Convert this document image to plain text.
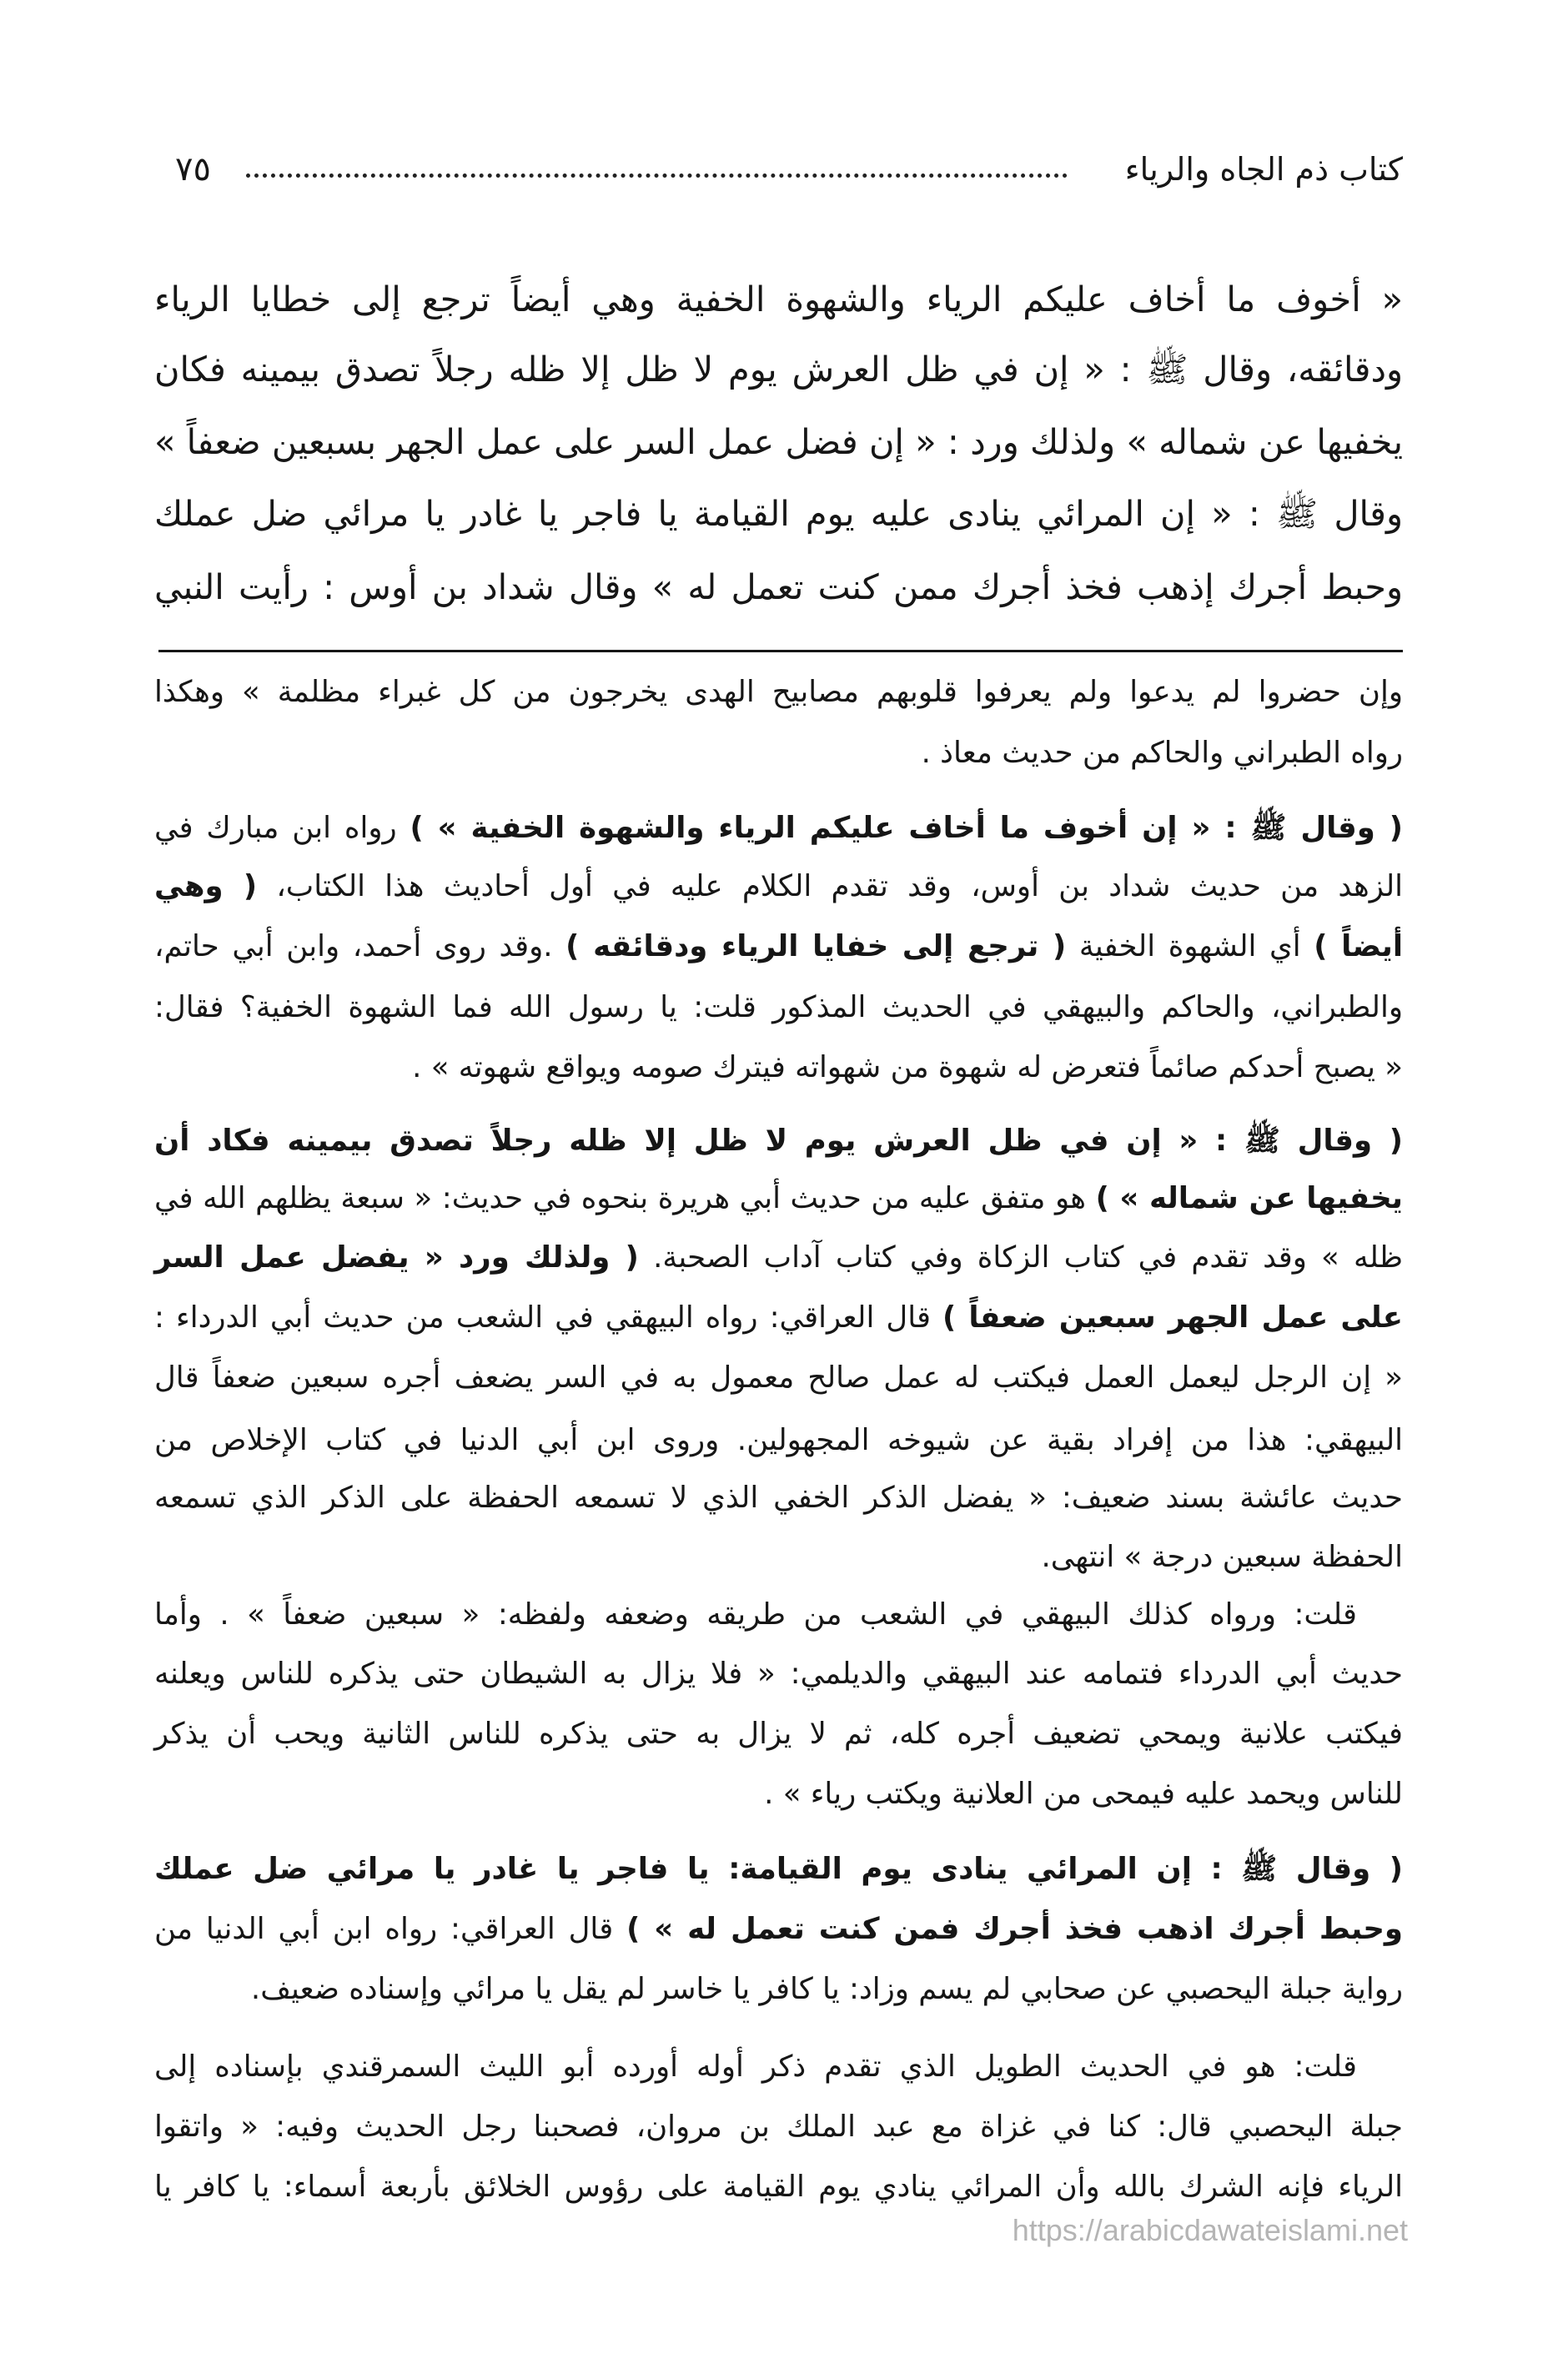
كتاب ذم الجاه والرياء
٧٥
« أخوف ما أخاف عليكم الرياء والشهوة الخفية وهي أيضاً ترجع إلى خطايا الرياء
ودقائقه، وقال ﷺ : « إن في ظل العرش يوم لا ظل إلا ظله رجلاً تصدق بيمينه فكان
يخفيها عن شماله » ولذلك ورد : « إن فضل عمل السر على عمل الجهر بسبعين ضعفاً »
وقال ﷺ : « إن المرائي ينادى عليه يوم القيامة يا فاجر يا غادر يا مرائي ضل عملك
وحبط أجرك إذهب فخذ أجرك ممن كنت تعمل له » وقال شداد بن أوس : رأيت النبي
وإن حضروا لم يدعوا ولم يعرفوا قلوبهم مصابيح الهدى يخرجون من كل غبراء مظلمة » وهكذا
رواه الطبراني والحاكم من حديث معاذ .
( وقال ﷺ : « إن أخوف ما أخاف عليكم الرياء والشهوة الخفية » ) رواه ابن مبارك في
الزهد من حديث شداد بن أوس، وقد تقدم الكلام عليه في أول أحاديث هذا الكتاب، ( وهي
أيضاً ) أي الشهوة الخفية ( ترجع إلى خفايا الرياء ودقائقه ) .وقد روى أحمد، وابن أبي حاتم،
والطبراني، والحاكم والبيهقي في الحديث المذكور قلت: يا رسول الله فما الشهوة الخفية؟ فقال:
« يصبح أحدكم صائماً فتعرض له شهوة من شهواته فيترك صومه ويواقع شهوته » .
( وقال ﷺ : « إن في ظل العرش يوم لا ظل إلا ظله رجلاً تصدق بيمينه فكاد أن
يخفيها عن شماله » ) هو متفق عليه من حديث أبي هريرة بنحوه في حديث: « سبعة يظلهم الله في
ظله » وقد تقدم في كتاب الزكاة وفي كتاب آداب الصحبة. ( ولذلك ورد « يفضل عمل السر
على عمل الجهر سبعين ضعفاً ) قال العراقي: رواه البيهقي في الشعب من حديث أبي الدرداء :
« إن الرجل ليعمل العمل فيكتب له عمل صالح معمول به في السر يضعف أجره سبعين ضعفاً قال
البيهقي: هذا من إفراد بقية عن شيوخه المجهولين. وروى ابن أبي الدنيا في كتاب الإخلاص من
حديث عائشة بسند ضعيف: « يفضل الذكر الخفي الذي لا تسمعه الحفظة على الذكر الذي تسمعه
الحفظة سبعين درجة » انتهى.
قلت: ورواه كذلك البيهقي في الشعب من طريقه وضعفه ولفظه: « سبعين ضعفاً » . وأما
حديث أبي الدرداء فتمامه عند البيهقي والديلمي: « فلا يزال به الشيطان حتى يذكره للناس ويعلنه
فيكتب علانية ويمحي تضعيف أجره كله، ثم لا يزال به حتى يذكره للناس الثانية ويحب أن يذكر
للناس ويحمد عليه فيمحى من العلانية ويكتب رياء » .
( وقال ﷺ : إن المرائي ينادى يوم القيامة: يا فاجر يا غادر يا مرائي ضل عملك
وحبط أجرك اذهب فخذ أجرك فمن كنت تعمل له » ) قال العراقي: رواه ابن أبي الدنيا من
رواية جبلة اليحصبي عن صحابي لم يسم وزاد: يا كافر يا خاسر لم يقل يا مرائي وإسناده ضعيف.
قلت: هو في الحديث الطويل الذي تقدم ذكر أوله أورده أبو الليث السمرقندي بإسناده إلى
جبلة اليحصبي قال: كنا في غزاة مع عبد الملك بن مروان، فصحبنا رجل الحديث وفيه: « واتقوا
الرياء فإنه الشرك بالله وأن المرائي ينادي يوم القيامة على رؤوس الخلائق بأربعة أسماء: يا كافر يا
https://arabicdawateislami.net
